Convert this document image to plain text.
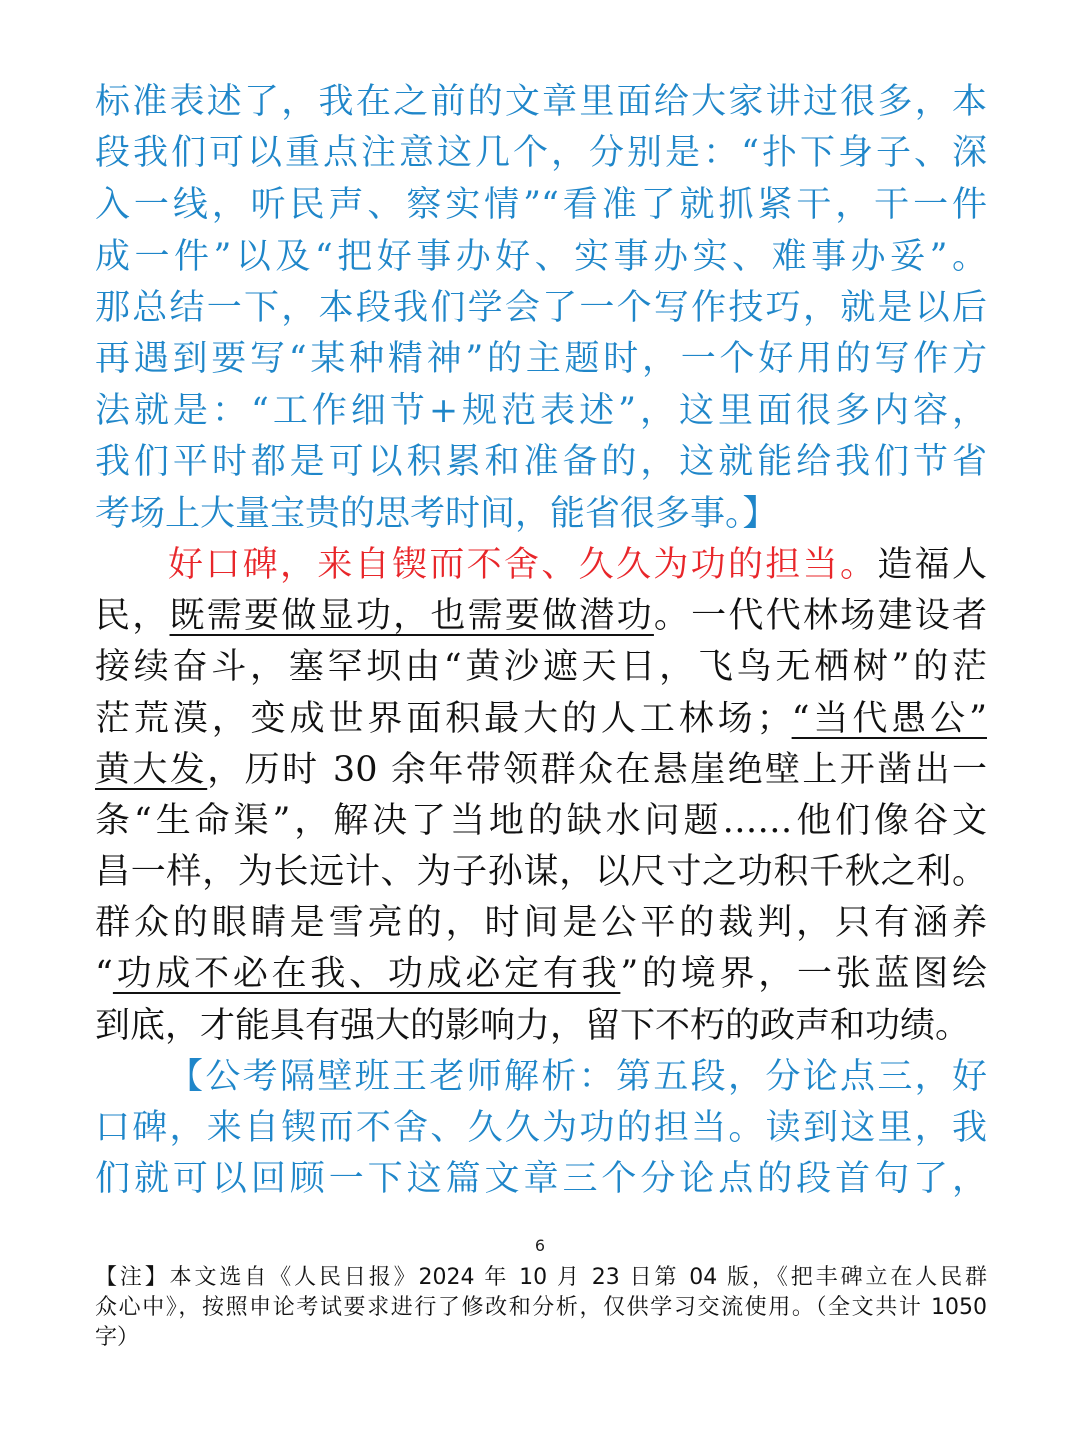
标准表述了，我在之前的文章里面给大家讲过很多，本
段我们可以重点注意这几个，分别是：“扑下身子、深
入一线，听民声、察实情”“看准了就抓紧干，干一件
成一件”以及“把好事办好、实事办实、难事办妥”。
那总结一下，本段我们学会了一个写作技巧，就是以后
再遇到要写“某种精神”的主题时，一个好用的写作方
法就是：“工作细节+规范表述”，这里面很多内容，
我们平时都是可以积累和准备的，这就能给我们节省
考场上大量宝贵的思考时间，能省很多事。】
好口碑，来自锲而不舍、久久为功的担当。造福人
民，既需要做显功，也需要做潜功。一代代林场建设者
接续奋斗，塞罕坝由“黄沙遮天日，飞鸟无栖树”的茫
茫荒漠，变成世界面积最大的人工林场；“当代愚公”
黄大发，历时 30 余年带领群众在悬崖绝壁上开凿出一
条“生命渠”，解决了当地的缺水问题……他们像谷文
昌一样，为长远计、为子孙谋，以尺寸之功积千秋之利。
群众的眼睛是雪亮的，时间是公平的裁判，只有涵养
“功成不必在我、功成必定有我”的境界，一张蓝图绘
到底，才能具有强大的影响力，留下不朽的政声和功绩。
【公考隔壁班王老师解析：第五段，分论点三，好
口碑，来自锲而不舍、久久为功的担当。读到这里，我
们就可以回顾一下这篇文章三个分论点的段首句了，
6
【注】本文选自《人民日报》2024 年 10 月 23 日第 04 版，《把丰碑立在人民群
众心中》，按照申论考试要求进行了修改和分析，仅供学习交流使用。（全文共计 1050
字）
